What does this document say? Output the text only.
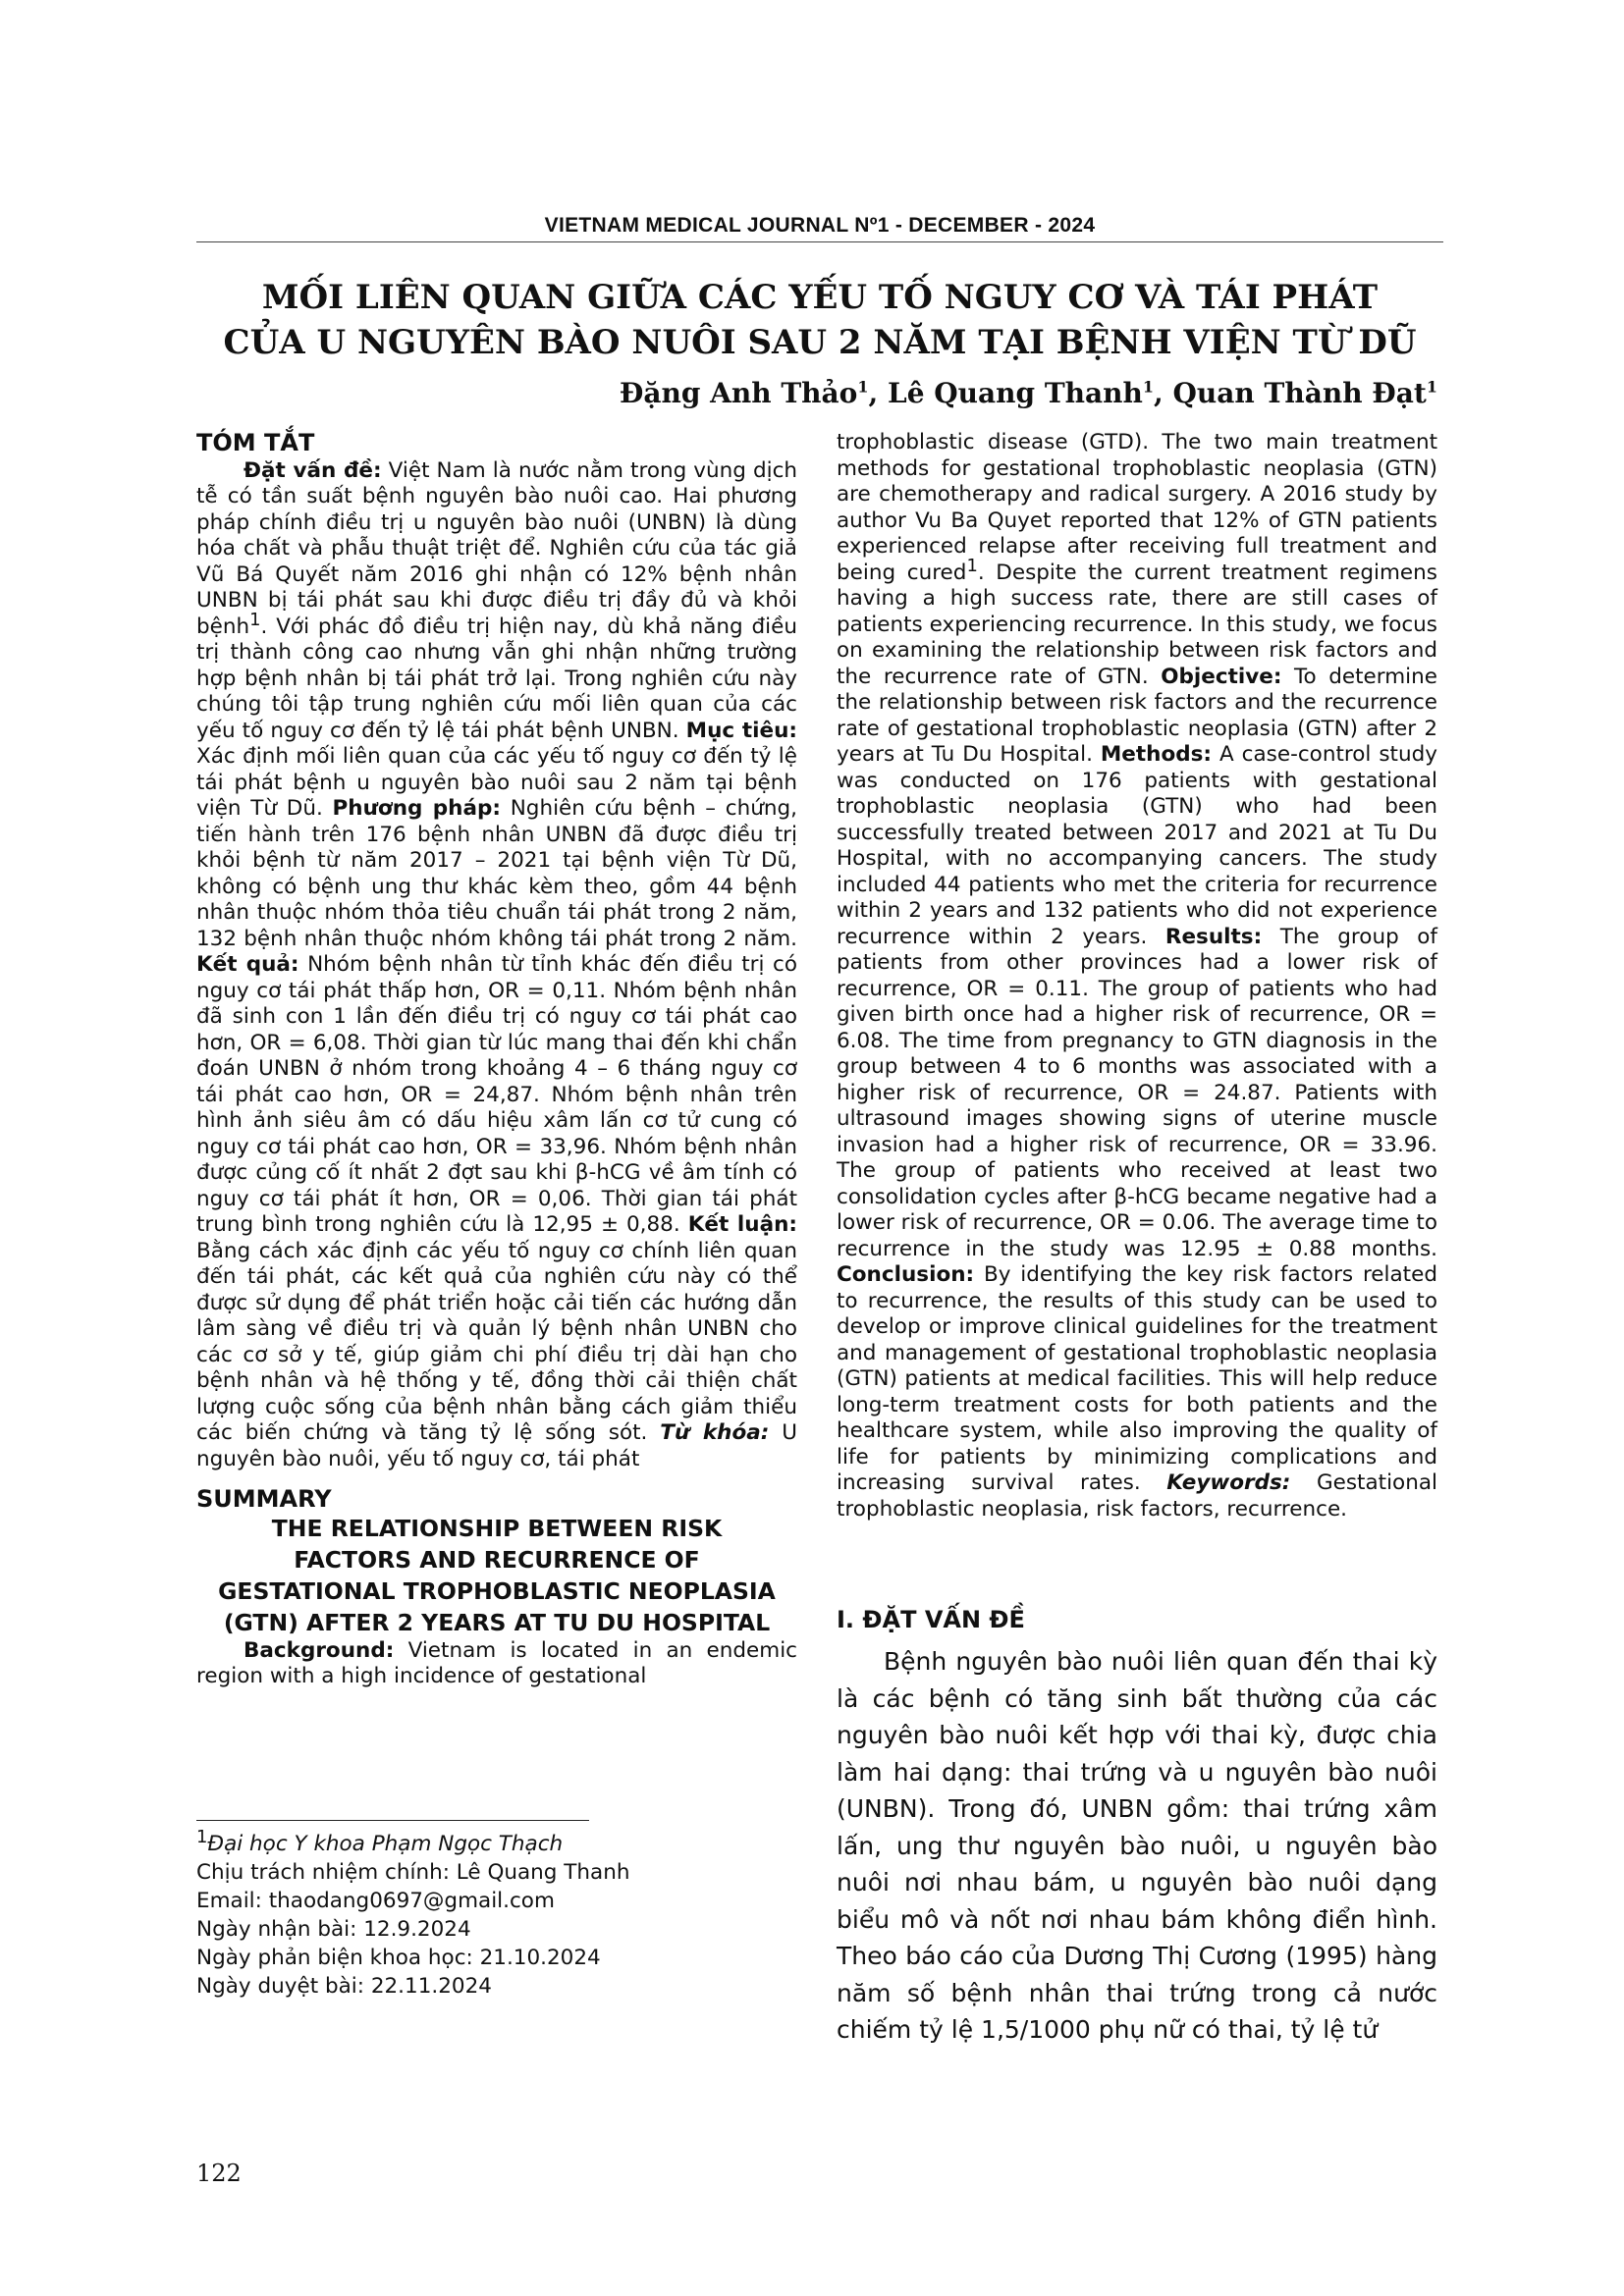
VIETNAM MEDICAL JOURNAL Nº1 - DECEMBER - 2024
MỐI LIÊN QUAN GIỮA CÁC YẾU TỐ NGUY CƠ VÀ TÁI PHÁT
CỦA U NGUYÊN BÀO NUÔI SAU 2 NĂM TẠI BỆNH VIỆN TỪ DŨ
Đặng Anh Thảo$^1$, Lê Quang Thanh$^1$, Quan Thành Đạt$^1$

TÓM TẮT

Đặt vấn đề: Việt Nam là nước nằm trong vùng dịch tễ có tần suất bệnh nguyên bào nuôi cao. Hai phương pháp chính điều trị u nguyên bào nuôi (UNBN) là dùng hóa chất và phẫu thuật triệt để. Nghiên cứu của tác giả Vũ Bá Quyết năm 2016 ghi nhận có 12% bệnh nhân UNBN bị tái phát sau khi được điều trị đầy đủ và khỏi bệnh$^1$. Với phác đồ điều trị hiện nay, dù khả năng điều trị thành công cao nhưng vẫn ghi nhận những trường hợp bệnh nhân bị tái phát trở lại. Trong nghiên cứu này chúng tôi tập trung nghiên cứu mối liên quan của các yếu tố nguy cơ đến tỷ lệ tái phát bệnh UNBN. Mục tiêu: Xác định mối liên quan của các yếu tố nguy cơ đến tỷ lệ tái phát bệnh u nguyên bào nuôi sau 2 năm tại bệnh viện Từ Dũ. Phương pháp: Nghiên cứu bệnh – chứng, tiến hành trên 176 bệnh nhân UNBN đã được điều trị khỏi bệnh từ năm 2017 – 2021 tại bệnh viện Từ Dũ, không có bệnh ung thư khác kèm theo, gồm 44 bệnh nhân thuộc nhóm thỏa tiêu chuẩn tái phát trong 2 năm, 132 bệnh nhân thuộc nhóm không tái phát trong 2 năm. Kết quả: Nhóm bệnh nhân từ tỉnh khác đến điều trị có nguy cơ tái phát thấp hơn, OR = 0,11. Nhóm bệnh nhân đã sinh con 1 lần đến điều trị có nguy cơ tái phát cao hơn, OR = 6,08. Thời gian từ lúc mang thai đến khi chẩn đoán UNBN ở nhóm trong khoảng 4 – 6 tháng nguy cơ tái phát cao hơn, OR = 24,87. Nhóm bệnh nhân trên hình ảnh siêu âm có dấu hiệu xâm lấn cơ tử cung có nguy cơ tái phát cao hơn, OR = 33,96. Nhóm bệnh nhân được củng cố ít nhất 2 đợt sau khi β-hCG về âm tính có nguy cơ tái phát ít hơn, OR = 0,06. Thời gian tái phát trung bình trong nghiên cứu là 12,95 ± 0,88. Kết luận: Bằng cách xác định các yếu tố nguy cơ chính liên quan đến tái phát, các kết quả của nghiên cứu này có thể được sử dụng để phát triển hoặc cải tiến các hướng dẫn lâm sàng về điều trị và quản lý bệnh nhân UNBN cho các cơ sở y tế, giúp giảm chi phí điều trị dài hạn cho bệnh nhân và hệ thống y tế, đồng thời cải thiện chất lượng cuộc sống của bệnh nhân bằng cách giảm thiểu các biến chứng và tăng tỷ lệ sống sót. Từ khóa: U nguyên bào nuôi, yếu tố nguy cơ, tái phát

SUMMARY

THE RELATIONSHIP BETWEEN RISK

FACTORS AND RECURRENCE OF

GESTATIONAL TROPHOBLASTIC NEOPLASIA

(GTN) AFTER 2 YEARS AT TU DU HOSPITAL

Background: Vietnam is located in an endemic region with a high incidence of gestational

trophoblastic disease (GTD). The two main treatment methods for gestational trophoblastic neoplasia (GTN) are chemotherapy and radical surgery. A 2016 study by author Vu Ba Quyet reported that 12% of GTN patients experienced relapse after receiving full treatment and being cured$^1$. Despite the current treatment regimens having a high success rate, there are still cases of patients experiencing recurrence. In this study, we focus on examining the relationship between risk factors and the recurrence rate of GTN. Objective: To determine the relationship between risk factors and the recurrence rate of gestational trophoblastic neoplasia (GTN) after 2 years at Tu Du Hospital. Methods: A case-control study was conducted on 176 patients with gestational trophoblastic neoplasia (GTN) who had been successfully treated between 2017 and 2021 at Tu Du Hospital, with no accompanying cancers. The study included 44 patients who met the criteria for recurrence within 2 years and 132 patients who did not experience recurrence within 2 years. Results: The group of patients from other provinces had a lower risk of recurrence, OR = 0.11. The group of patients who had given birth once had a higher risk of recurrence, OR = 6.08. The time from pregnancy to GTN diagnosis in the group between 4 to 6 months was associated with a higher risk of recurrence, OR = 24.87. Patients with ultrasound images showing signs of uterine muscle invasion had a higher risk of recurrence, OR = 33.96. The group of patients who received at least two consolidation cycles after β-hCG became negative had a lower risk of recurrence, OR = 0.06. The average time to recurrence in the study was 12.95 ± 0.88 months. Conclusion: By identifying the key risk factors related to recurrence, the results of this study can be used to develop or improve clinical guidelines for the treatment and management of gestational trophoblastic neoplasia (GTN) patients at medical facilities. This will help reduce long-term treatment costs for both patients and the healthcare system, while also improving the quality of life for patients by minimizing complications and increasing survival rates. Keywords: Gestational trophoblastic neoplasia, risk factors, recurrence.

I. ĐẶT VẤN ĐỀ
Bệnh nguyên bào nuôi liên quan đến thai kỳ là các bệnh có tăng sinh bất thường của các nguyên bào nuôi kết hợp với thai kỳ, được chia làm hai dạng: thai trứng và u nguyên bào nuôi (UNBN). Trong đó, UNBN gồm: thai trứng xâm lấn, ung thư nguyên bào nuôi, u nguyên bào nuôi nơi nhau bám, u nguyên bào nuôi dạng biểu mô và nốt nơi nhau bám không điển hình. Theo báo cáo của Dương Thị Cương (1995) hàng năm số bệnh nhân thai trứng trong cả nước chiếm tỷ lệ 1,5/1000 phụ nữ có thai, tỷ lệ tử
$^1$Đại học Y khoa Phạm Ngọc Thạch
Chịu trách nhiệm chính: Lê Quang Thanh
Email: thaodang0697@gmail.com
Ngày nhận bài: 12.9.2024
Ngày phản biện khoa học: 21.10.2024
Ngày duyệt bài: 22.11.2024
122
